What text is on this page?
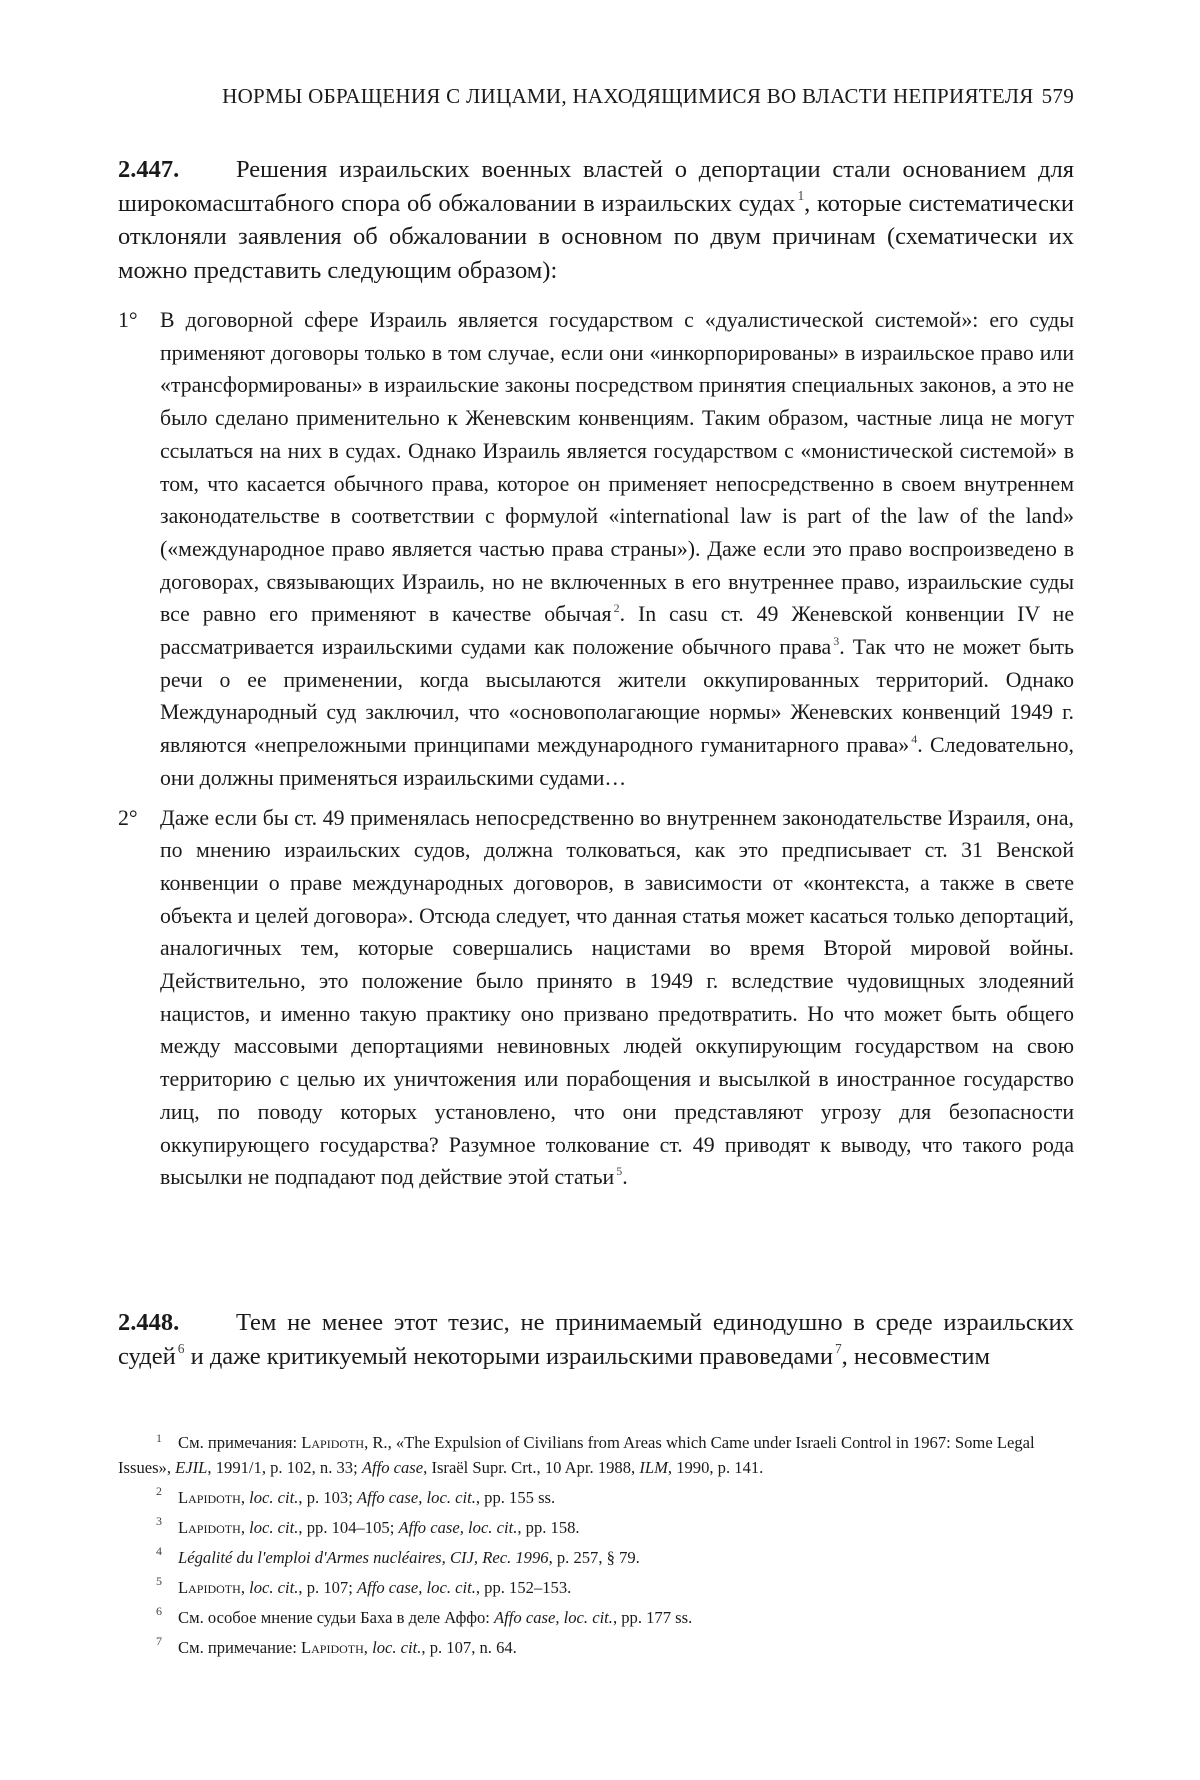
НОРМЫ ОБРАЩЕНИЯ С ЛИЦАМИ, НАХОДЯЩИМИСЯ ВО ВЛАСТИ НЕПРИЯТЕЛЯ 579
2.447. Решения израильских военных властей о депортации стали основанием для широкомасштабного спора об обжаловании в израильских судах $^1$, которые систематически отклоняли заявления об обжаловании в основном по двум причинам (схематически их можно представить следующим образом):
1° В договорной сфере Израиль является государством с «дуалистической системой»: его суды применяют договоры только в том случае, если они «инкорпорированы» в израильское право или «трансформированы» в израильские законы посредством принятия специальных законов, а это не было сделано применительно к Женевским конвенциям. Таким образом, частные лица не могут ссылаться на них в судах. Однако Израиль является государством с «монистической системой» в том, что касается обычного права, которое он применяет непосредственно в своем внутреннем законодательстве в соответствии с формулой «international law is part of the law of the land» («международное право является частью права страны»). Даже если это право воспроизведено в договорах, связывающих Израиль, но не включенных в его внутреннее право, израильские суды все равно его применяют в качестве обычая $^2$. In casu ст. 49 Женевской конвенции IV не рассматривается израильскими судами как положение обычного права $^3$. Так что не может быть речи о ее применении, когда высылаются жители оккупированных территорий. Однако Международный суд заключил, что «основополагающие нормы» Женевских конвенций 1949 г. являются «непреложными принципами международного гуманитарного права» $^4$. Следовательно, они должны применяться израильскими судами…
2° Даже если бы ст. 49 применялась непосредственно во внутреннем законодательстве Израиля, она, по мнению израильских судов, должна толковаться, как это предписывает ст. 31 Венской конвенции о праве международных договоров, в зависимости от «контекста, а также в свете объекта и целей договора». Отсюда следует, что данная статья может касаться только депортаций, аналогичных тем, которые совершались нацистами во время Второй мировой войны. Действительно, это положение было принято в 1949 г. вследствие чудовищных злодеяний нацистов, и именно такую практику оно призвано предотвратить. Но что может быть общего между массовыми депортациями невиновных людей оккупирующим государством на свою территорию с целью их уничтожения или порабощения и высылкой в иностранное государство лиц, по поводу которых установлено, что они представляют угрозу для безопасности оккупирующего государства? Разумное толкование ст. 49 приводят к выводу, что такого рода высылки не подпадают под действие этой статьи $^5$.
2.448. Тем не менее этот тезис, не принимаемый единодушно в среде израильских судей $^6$ и даже критикуемый некоторыми израильскими правоведами $^7$, несовместим
1 См. примечания: Lapidoth, R., «The Expulsion of Civilians from Areas which Came under Israeli Control in 1967: Some Legal Issues», EJIL, 1991/1, p. 102, n. 33; Affo case, Israël Supr. Crt., 10 Apr. 1988, ILM, 1990, p. 141.
2 Lapidoth, loc. cit., p. 103; Affo case, loc. cit., pp. 155 ss.
3 Lapidoth, loc. cit., pp. 104–105; Affo case, loc. cit., pp. 158.
4 Légalité du l'emploi d'Armes nucléaires, CIJ, Rec. 1996, p. 257, § 79.
5 Lapidoth, loc. cit., p. 107; Affo case, loc. cit., pp. 152–153.
6 См. особое мнение судьи Баха в деле Аффо: Affo case, loc. cit., pp. 177 ss.
7 См. примечание: Lapidoth, loc. cit., p. 107, n. 64.
